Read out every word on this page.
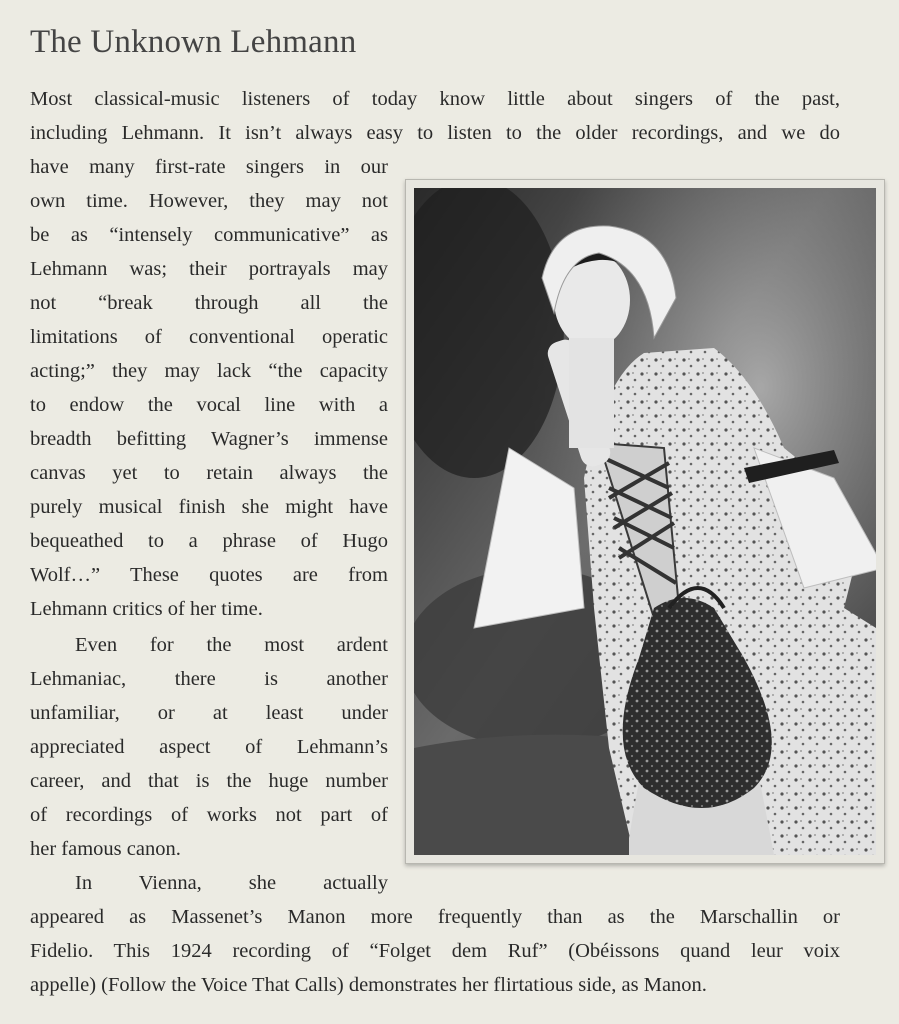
The Unknown Lehmann

Most classical-music listeners of today know little about singers of the past,

including Lehmann. It isn’t always easy to listen to the older recordings, and we do

have many first-rate singers in our

own time. However, they may not

be as “intensely communicative” as

Lehmann was; their portrayals may

not “break through all the

limitations of conventional operatic

acting;” they may lack “the capacity

to endow the vocal line with a

breadth befitting Wagner’s immense

canvas yet to retain always the

purely musical finish she might have

bequeathed to a phrase of Hugo

Wolf…” These quotes are from

Lehmann critics of her time.

Even for the most ardent

Lehmaniac, there is another

unfamiliar, or at least under

appreciated aspect of Lehmann’s

career, and that is the huge number

of recordings of works not part of

her famous canon.

In Vienna, she actually

appeared as Massenet’s Manon more frequently than as the Marschallin or

Fidelio. This 1924 recording of “Folget dem Ruf” (Obéissons quand leur voix

appelle) (Follow the Voice That Calls) demonstrates her flirtatious side, as Manon.
